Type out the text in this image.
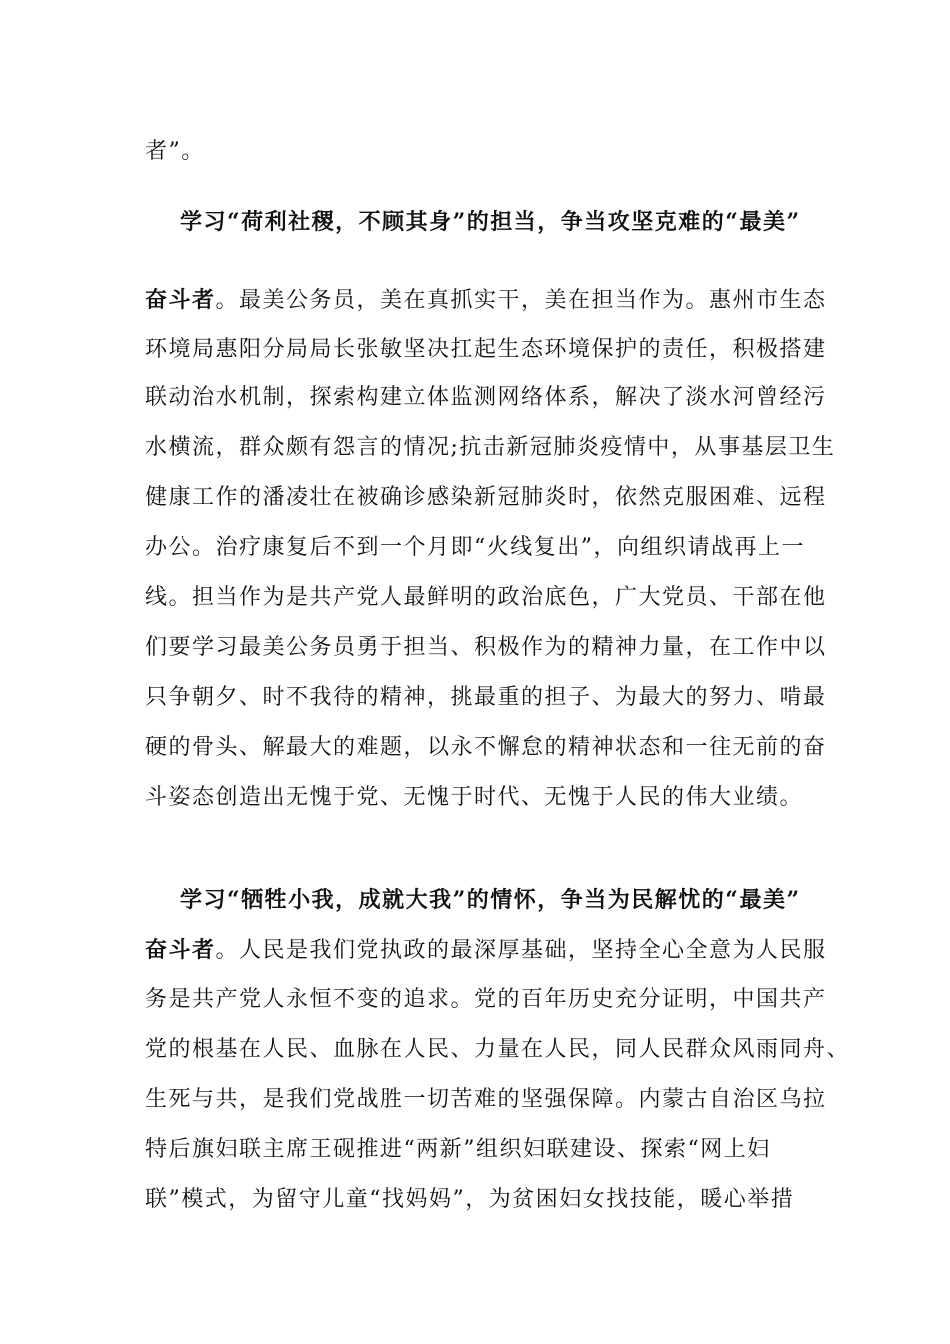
者”。
学习“荷利社稷，不顾其身”的担当，争当攻坚克难的“最美”
奋斗者。最美公务员，美在真抓实干，美在担当作为。惠州市生态
环境局惠阳分局局长张敏坚决扛起生态环境保护的责任，积极搭建
联动治水机制，探索构建立体监测网络体系，解决了淡水河曾经污
水横流，群众颇有怨言的情况;抗击新冠肺炎疫情中，从事基层卫生
健康工作的潘凌壮在被确诊感染新冠肺炎时，依然克服困难、远程
办公。治疗康复后不到一个月即“火线复出”，向组织请战再上一
线。担当作为是共产党人最鲜明的政治底色，广大党员、干部在他
们要学习最美公务员勇于担当、积极作为的精神力量，在工作中以
只争朝夕、时不我待的精神，挑最重的担子、为最大的努力、啃最
硬的骨头、解最大的难题，以永不懈怠的精神状态和一往无前的奋
斗姿态创造出无愧于党、无愧于时代、无愧于人民的伟大业绩。
学习“牺牲小我，成就大我”的情怀，争当为民解忧的“最美”
奋斗者。人民是我们党执政的最深厚基础，坚持全心全意为人民服
务是共产党人永恒不变的追求。党的百年历史充分证明，中国共产
党的根基在人民、血脉在人民、力量在人民，同人民群众风雨同舟、
生死与共，是我们党战胜一切苦难的坚强保障。内蒙古自治区乌拉
特后旗妇联主席王砚推进“两新”组织妇联建设、探索“网上妇
联”模式，为留守儿童“找妈妈”，为贫困妇女找技能，暖心举措
